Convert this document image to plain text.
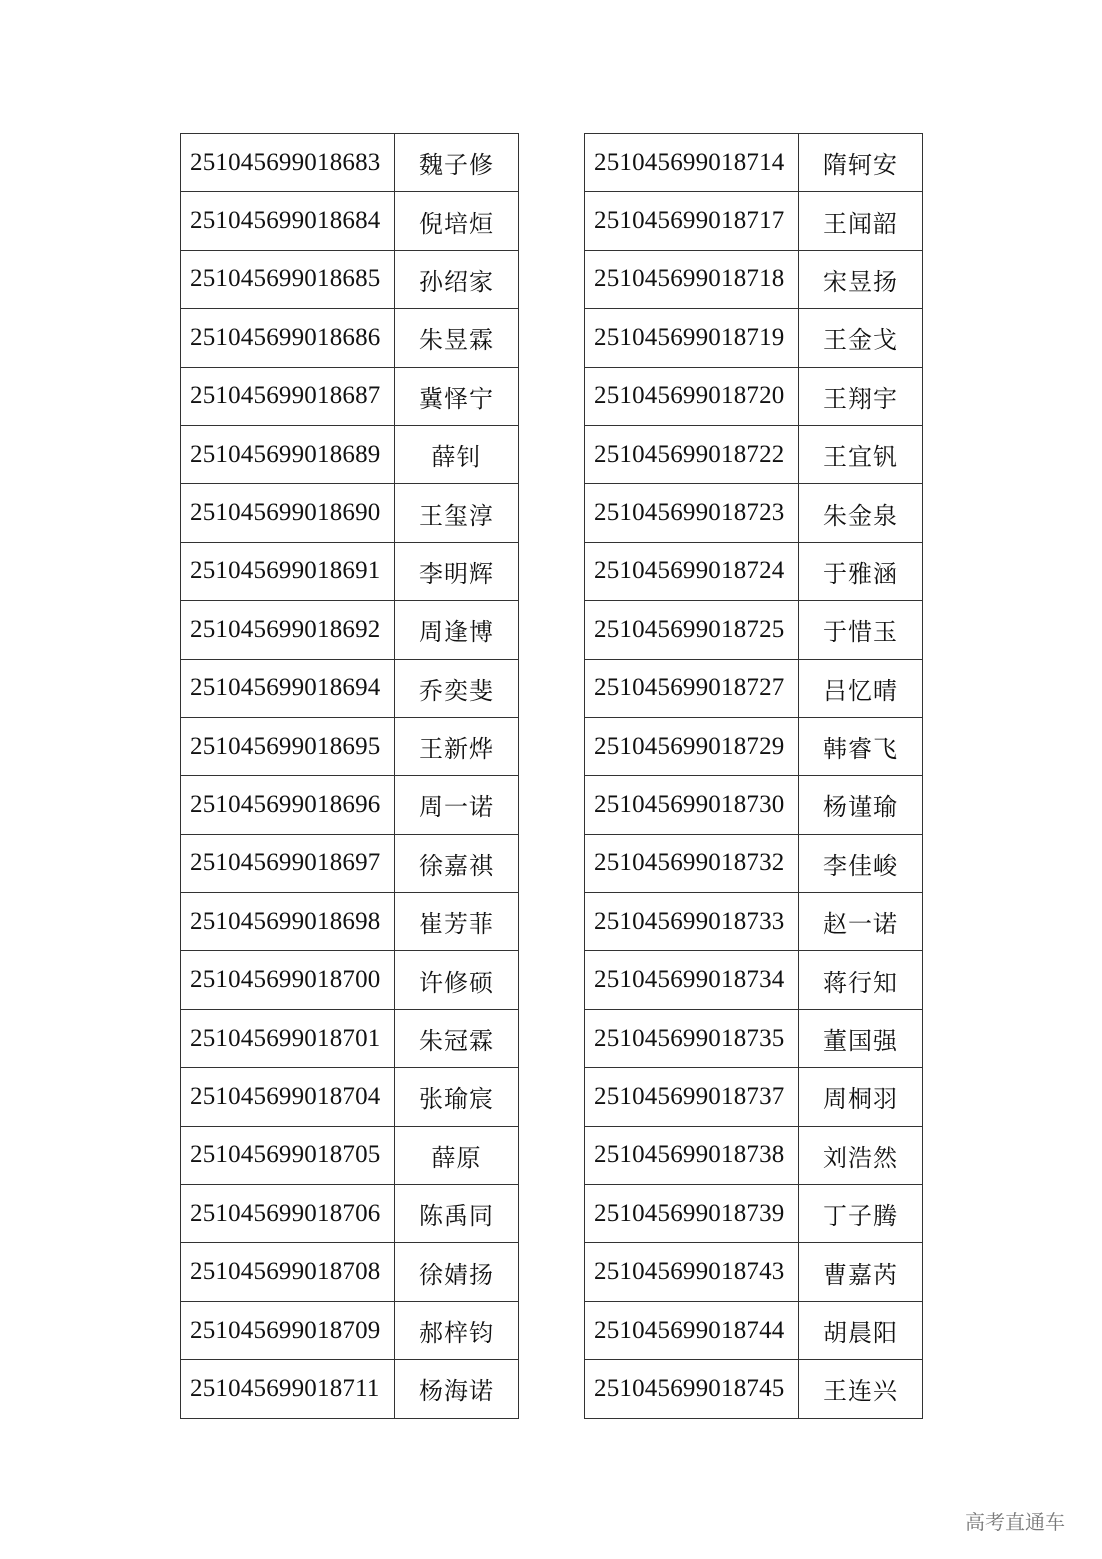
251045699018683	魏子修
251045699018684	倪培烜
251045699018685	孙绍家
251045699018686	朱昱霖
251045699018687	冀怿宁
251045699018689	薛钊
251045699018690	王玺淳
251045699018691	李明辉
251045699018692	周逢博
251045699018694	乔奕斐
251045699018695	王新烨
251045699018696	周一诺
251045699018697	徐嘉祺
251045699018698	崔芳菲
251045699018700	许修硕
251045699018701	朱冠霖
251045699018704	张瑜宸
251045699018705	薛原
251045699018706	陈禹同
251045699018708	徐婧扬
251045699018709	郝梓钧
251045699018711	杨海诺
251045699018714	隋轲安
251045699018717	王闻韶
251045699018718	宋昱扬
251045699018719	王金戈
251045699018720	王翔宇
251045699018722	王宜钒
251045699018723	朱金泉
251045699018724	于雅涵
251045699018725	于惜玉
251045699018727	吕忆晴
251045699018729	韩睿飞
251045699018730	杨谨瑜
251045699018732	李佳峻
251045699018733	赵一诺
251045699018734	蒋行知
251045699018735	董国强
251045699018737	周桐羽
251045699018738	刘浩然
251045699018739	丁子腾
251045699018743	曹嘉芮
251045699018744	胡晨阳
251045699018745	王连兴
高考直通车
